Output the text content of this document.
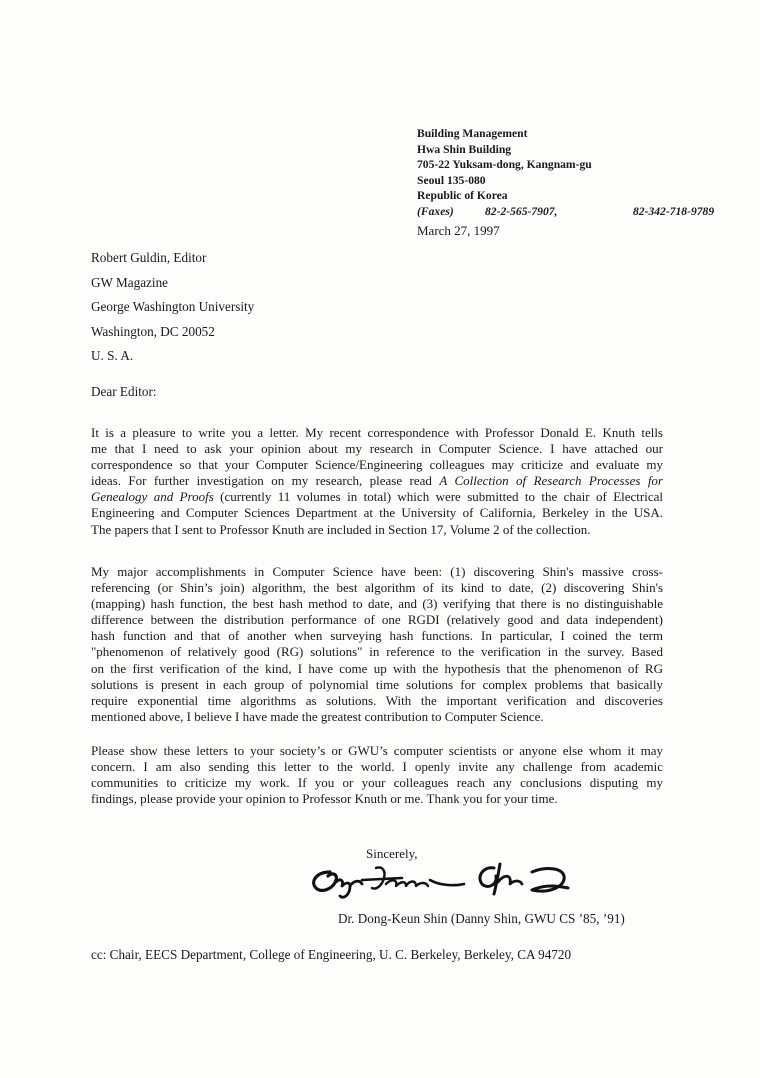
Building Management
Hwa Shin Building
705-22 Yuksam-dong, Kangnam-gu
Seoul 135-080
Republic of Korea
(Faxes)	82-2-565-7907,	82-342-718-9789
March 27, 1997
Robert Guldin, Editor
GW Magazine
George Washington University
Washington, DC 20052
U. S. A.
Dear Editor:
It is a pleasure to write you a letter. My recent correspondence with Professor Donald E. Knuth tells
me that I need to ask your opinion about my research in Computer Science. I have attached our
correspondence so that your Computer Science/Engineering colleagues may criticize and evaluate my
ideas. For further investigation on my research, please read A Collection of Research Processes for
Genealogy and Proofs (currently 11 volumes in total) which were submitted to the chair of Electrical
Engineering and Computer Sciences Department at the University of California, Berkeley in the USA.
The papers that I sent to Professor Knuth are included in Section 17, Volume 2 of the collection.
My major accomplishments in Computer Science have been: (1) discovering Shin's massive cross-
referencing (or Shin’s join) algorithm, the best algorithm of its kind to date, (2) discovering Shin's
(mapping) hash function, the best hash method to date, and (3) verifying that there is no distinguishable
difference between the distribution performance of one RGDI (relatively good and data independent)
hash function and that of another when surveying hash functions. In particular, I coined the term
"phenomenon of relatively good (RG) solutions" in reference to the verification in the survey. Based
on the first verification of the kind, I have come up with the hypothesis that the phenomenon of RG
solutions is present in each group of polynomial time solutions for complex problems that basically
require exponential time algorithms as solutions. With the important verification and discoveries
mentioned above, I believe I have made the greatest contribution to Computer Science.
Please show these letters to your society’s or GWU’s computer scientists or anyone else whom it may
concern. I am also sending this letter to the world. I openly invite any challenge from academic
communities to criticize my work. If you or your colleagues reach any conclusions disputing my
findings, please provide your opinion to Professor Knuth or me. Thank you for your time.
Sincerely,
Dr. Dong-Keun Shin (Danny Shin, GWU CS ’85, ’91)
cc: Chair, EECS Department, College of Engineering, U. C. Berkeley, Berkeley, CA 94720
